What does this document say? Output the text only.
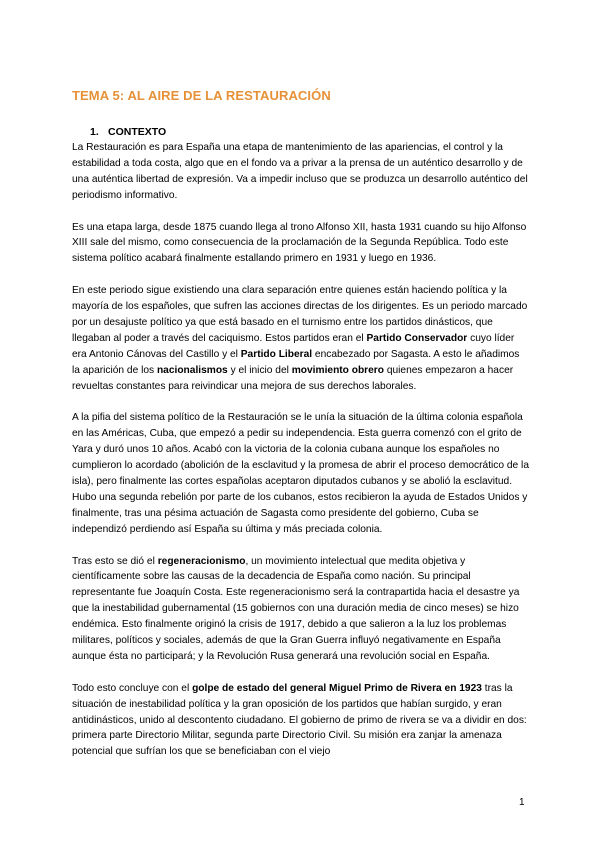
TEMA 5: AL AIRE DE LA RESTAURACIÓN
1. CONTEXTO

La Restauración es para España una etapa de mantenimiento de las apariencias, el control y la estabilidad a toda costa, algo que en el fondo va a privar a la prensa de un auténtico desarrollo y de una auténtica libertad de expresión. Va a impedir incluso que se produzca un desarrollo auténtico del periodismo informativo.

Es una etapa larga, desde 1875 cuando llega al trono Alfonso XII, hasta 1931 cuando su hijo Alfonso XIII sale del mismo, como consecuencia de la proclamación de la Segunda República. Todo este sistema político acabará finalmente estallando primero en 1931 y luego en 1936.

En este periodo sigue existiendo una clara separación entre quienes están haciendo política y la mayoría de los españoles, que sufren las acciones directas de los dirigentes. Es un periodo marcado por un desajuste político ya que está basado en el turnismo entre los partidos dinásticos, que llegaban al poder a través del caciquismo. Estos partidos eran el Partido Conservador cuyo líder era Antonio Cánovas del Castillo y el Partido Liberal encabezado por Sagasta. A esto le añadimos la aparición de los nacionalismos y el inicio del movimiento obrero quienes empezaron a hacer revueltas constantes para reivindicar una mejora de sus derechos laborales.

A la pifia del sistema político de la Restauración se le unía la situación de la última colonia española en las Américas, Cuba, que empezó a pedir su independencia. Esta guerra comenzó con el grito de Yara y duró unos 10 años. Acabó con la victoria de la colonia cubana aunque los españoles no cumplieron lo acordado (abolición de la esclavitud y la promesa de abrir el proceso democrático de la isla), pero finalmente las cortes españolas aceptaron diputados cubanos y se abolió la esclavitud. Hubo una segunda rebelión por parte de los cubanos, estos recibieron la ayuda de Estados Unidos y finalmente, tras una pésima actuación de Sagasta como presidente del gobierno, Cuba se independizó perdiendo así España su última y más preciada colonia.

Tras esto se dió el regeneracionismo, un movimiento intelectual que medita objetiva y científicamente sobre las causas de la decadencia de España como nación. Su principal representante fue Joaquín Costa. Este regeneracionismo será la contrapartida hacia el desastre ya que la inestabilidad gubernamental (15 gobiernos con una duración media de cinco meses) se hizo endémica. Esto finalmente originó la crisis de 1917, debido a que salieron a la luz los problemas militares, políticos y sociales, además de que la Gran Guerra influyó negativamente en España aunque ésta no participará; y la Revolución Rusa generará una revolución social en España.

Todo esto concluye con el golpe de estado del general Miguel Primo de Rivera en 1923 tras la situación de inestabilidad política y la gran oposición de los partidos que habían surgido, y eran antidinásticos, unido al descontento ciudadano. El gobierno de primo de rivera se va a dividir en dos: primera parte Directorio Militar, segunda parte Directorio Civil. Su misión era zanjar la amenaza potencial que sufrían los que se beneficiaban con el viejo

1
